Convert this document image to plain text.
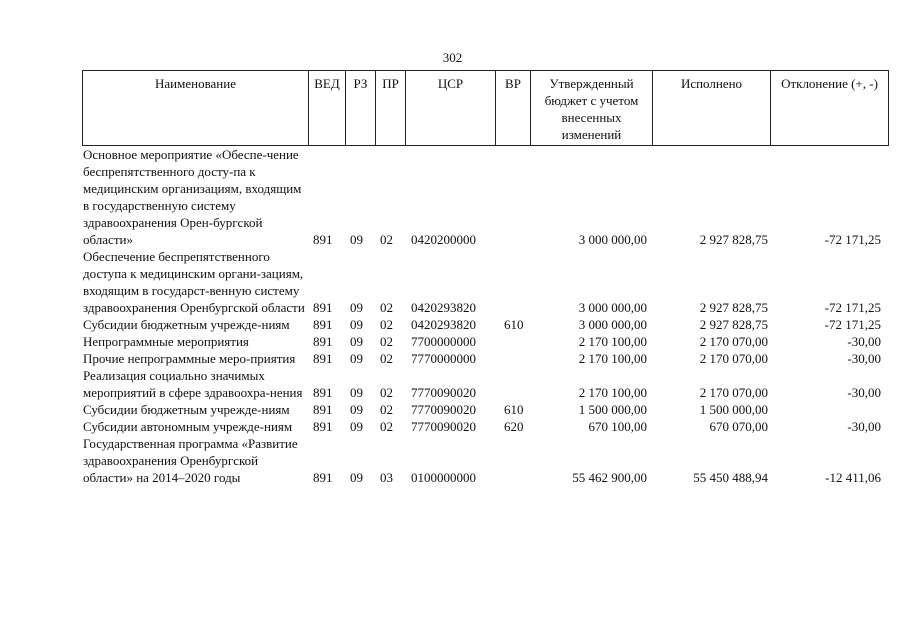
302
Наименование	ВЕД	РЗ	ПР	ЦСР	ВР	Утвержденный бюджет с учетом внесенных изменений	Исполнено	Отклонение (+, -)
Основное мероприятие «Обеспе-чение беспрепятственного досту-па к медицинским организациям, входящим в государственную систему здравоохранения Орен-бургской области»	891 09 02 0420200000	3 000 000,00	2 927 828,75	-72 171,25
Обеспечение беспрепятственного доступа к медицинским органи-зациям, входящим в государст-венную систему здравоохранения Оренбургской области 891 09 02 0420293820	3 000 000,00	2 927 828,75	-72 171,25
Субсидии бюджетным учрежде-ниям	891 09 02 0420293820 610	3 000 000,00	2 927 828,75	-72 171,25
Непрограммные мероприятия	891 09 02 7700000000	2 170 100,00	2 170 070,00	-30,00
Прочие непрограммные меро-приятия	891 09 02 7770000000	2 170 100,00	2 170 070,00	-30,00
Реализация социально значимых мероприятий в сфере здравоохра-нения 891 09 02 7770090020	2 170 100,00	2 170 070,00	-30,00
Субсидии бюджетным учрежде-ниям	891 09 02 7770090020 610	1 500 000,00	1 500 000,00
Субсидии автономным учрежде-ниям	891 09 02 7770090020 620	670 100,00	670 070,00	-30,00
Государственная программа «Развитие здравоохранения Оренбургской области» на 2014–2020 годы	891 09 03 0100000000	55 462 900,00	55 450 488,94	-12 411,06
